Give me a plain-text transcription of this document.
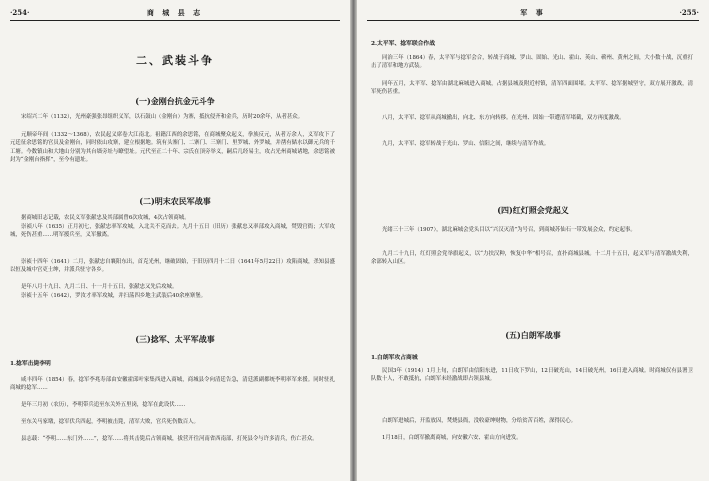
·254·	商 城 县 志
二、武装斗争
(一)金刚台抗金元斗争
宋绍兴二年（1132），光州豪强张昂组织义军，以石鼓山（金刚台）为寨，抵抗侵齐和金兵，历时20余年，从者甚众。
元顺帝年间（1332～1368），农民起义席卷大江南北。祖籍江西的余思铭，在商城聚众起义，拳族反元，从者万余人，义军攻下了元廷征余思铭的官员及金刚台，同时依山攻寨，建立根据地。筑有头寨门、二寨门、三寨门、里罗城、外罗城，并凿有储水以御元兵的千工塘。今数镇山和大地山分别为其台墙旁址与瞭望址。元代至正二十年、宗氏在顶旁举义，嗣后几经易主，攻占光州商城诸地，余思铭被封为“金刚台指挥”，至今有遗址。
(二)明末农民军战事
据商城旧志记载，农民义军张献忠及其部属曾6次攻城，4次占领商城。
崇祯八年（1635）正月初七，张献忠率军攻城，入北关不克而去。九月十五日（旧历）张献忠又率部攻入商城，焚毁官衙；大军攻城，死伤甚重……明军援兵至，义军撤离。
崇祯十四年（1641）二月，张献忠自襄阳东出，首克光州，继破固始，于旧历四月十二日（1641年5月22日）攻陷商城，杀知县盛以恒及城中官吏士绅，并派兵驻守各乡。
是年八月十九日、九月二日、十一月十五日，张献忠又先后攻城。
崇祯十五年（1642），罗汝才率军攻城，并扫荡四乡地主武装后40余座寨堡。
(三)捻军、太平军战事
1.捻军击毙李明
咸丰四年（1854）春，捻军李兆寿部由安徽霍邱叶家集西进入商城，商城县令向清廷告急，清廷派副都统李明率军来援。同时驻扎商城的捻军……
是年三月初（农历），李明带兵追至东关外五里岗，捻军在此设伏……
至东关马家墩，捻军伏兵四起，李明被击毙，清军大败，官兵死伤数百人。
县志载：“李明……东门外……”，捻军……将其击毙后占领商城，拔营开往河南省西南部，打死县令与许多清兵，伤亡甚众。
军 事	·255·
2.太平军、捻军联合作战
同治三年（1864）春，太平军与捻军会合，转战于商城、罗山、固始、光山、霍山、英山、蕲州、黄州之间，大小数十战，沉重打击了清军和地方武装。
同年五月，太平军、捻军由湖北麻城进入商城，占据县城及附近村镇，清军四面围堵。太平军、捻军据城坚守，双方展开激战，清军死伤甚重。
八月，太平军、捻军从商城撤出，向北、东方向转移。在光州、固始一带遭清军堵截，双方再度激战。
九月，太平军、捻军转战于光山、罗山、信阳之间，继续与清军作战。
(四)红灯照会党起义
光绪三十三年（1907），湖北麻城会党头目以“兴汉灭清”为号召，到商城苏仙石一带发展会众，约定起事。
九月二十九日，红灯照会党举旗起义，以“力扶汉种，恢复中华”相号召，直扑商城县城。十二月十五日，起义军与清军激战失利，余部转入山区。
(五)白朗军战事
1.白朗军攻占商城
民国3年（1914）1月上旬，白朗军由信阳东进，11日攻下罗山，12日破光山，14日破光州，16日进入商城。时商城仅有县署卫队数十人，不敢抵抗，白朗军未经激战即占领县城。
白朗军进城后，开监放囚，焚烧县衙，没收豪绅财物，分给贫苦百姓，深得民心。
1月18日，白朗军撤离商城，向安徽六安、霍山方向进发。
